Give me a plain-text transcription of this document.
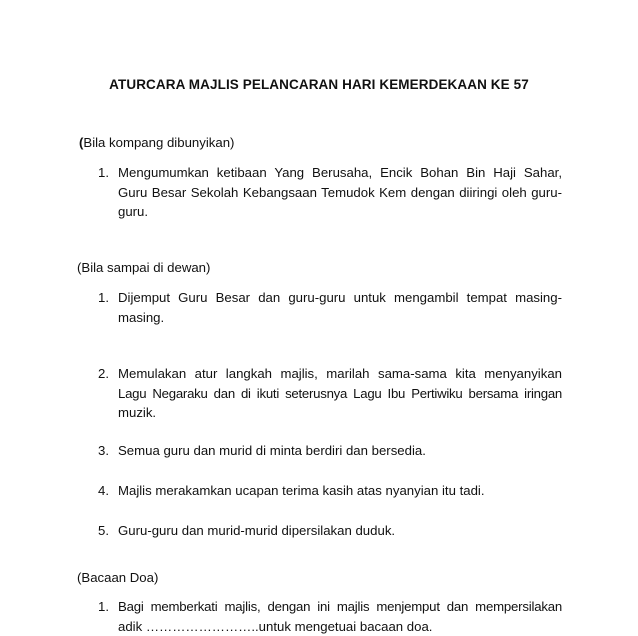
ATURCARA MAJLIS PELANCARAN HARI KEMERDEKAAN KE 57
(Bila kompang dibunyikan)
1. Mengumumkan ketibaan Yang Berusaha, Encik Bohan Bin Haji Sahar,
Guru Besar Sekolah Kebangsaan Temudok Kem dengan diiringi oleh guru-
guru.
(Bila sampai di dewan)
1. Dijemput Guru Besar dan guru-guru untuk mengambil tempat masing-
masing.
2. Memulakan atur langkah majlis, marilah sama-sama kita menyanyikan
Lagu Negaraku dan di ikuti seterusnya Lagu Ibu Pertiwiku bersama iringan
muzik.
3. Semua guru dan murid di minta berdiri dan bersedia.
4. Majlis merakamkan ucapan terima kasih atas nyanyian itu tadi.
5. Guru-guru dan murid-murid dipersilakan duduk.
(Bacaan Doa)
1. Bagi memberkati majlis, dengan ini majlis menjemput dan mempersilakan
adik ……………………..untuk mengetuai bacaan doa.
